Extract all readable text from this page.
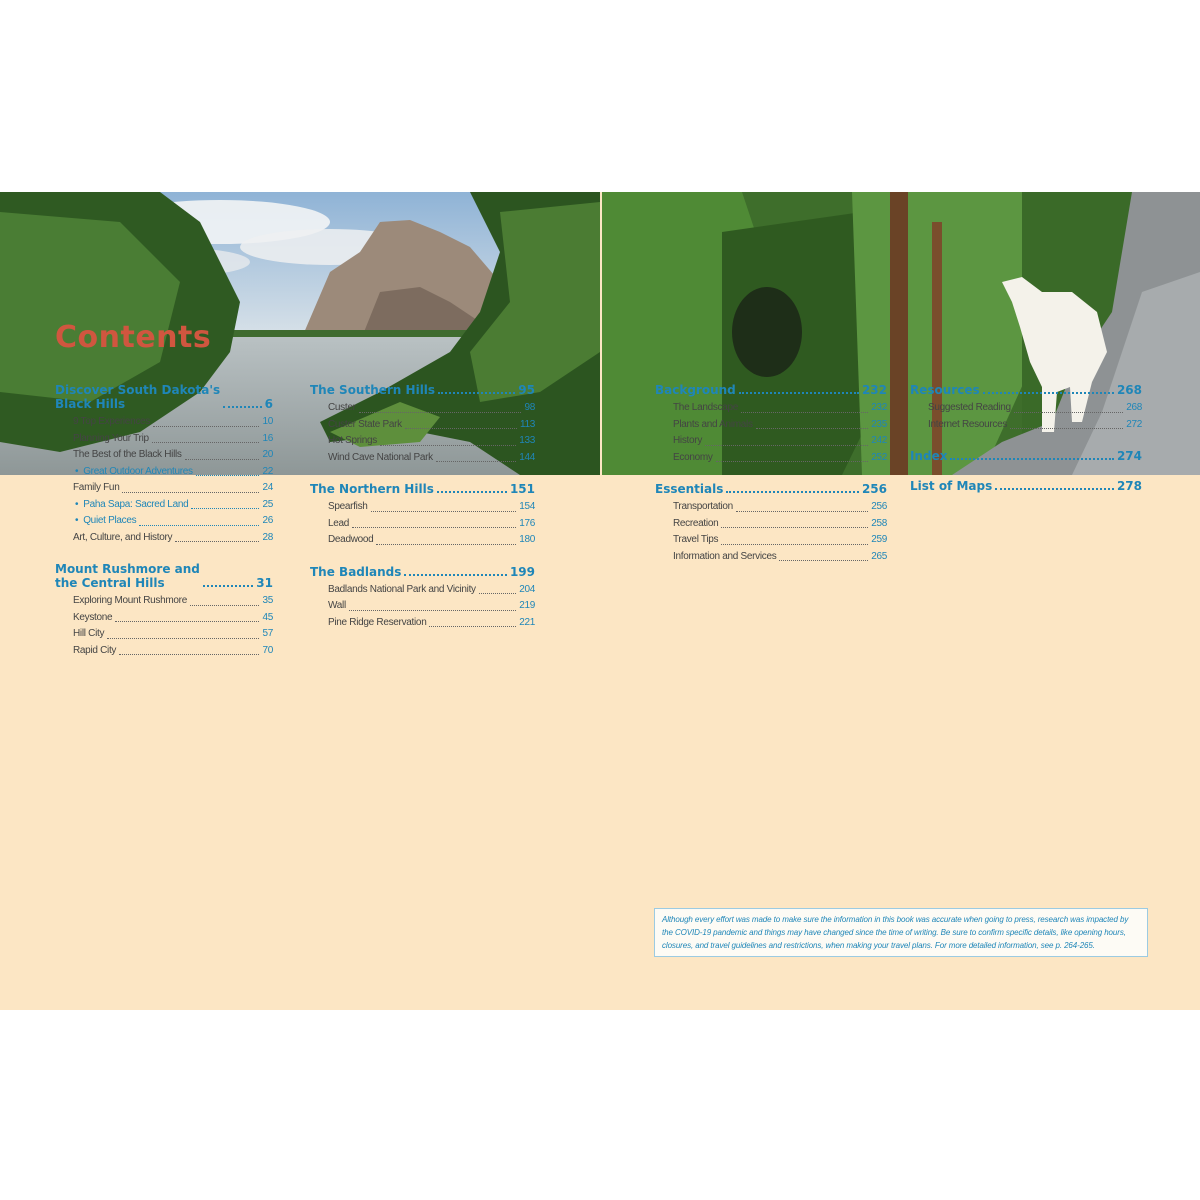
Contents
Discover South Dakota's
Black Hills	6
9 Top Experiences	10
Planning Your Trip	16
The Best of the Black Hills	20
• Great Outdoor Adventures	22
Family Fun	24
• Paha Sapa: Sacred Land	25
• Quiet Places	26
Art, Culture, and History	28
Mount Rushmore and
the Central Hills	31
Exploring Mount Rushmore	35
Keystone	45
Hill City	57
Rapid City	70
The Southern Hills	95
Custer	98
Custer State Park	113
Hot Springs	133
Wind Cave National Park	144
The Northern Hills	151
Spearfish	154
Lead	176
Deadwood	180
The Badlands	199
Badlands National Park and Vicinity	204
Wall	219
Pine Ridge Reservation	221
Background	232
The Landscape	232
Plants and Animals	235
History	242
Economy	252
Essentials	256
Transportation	256
Recreation	258
Travel Tips	259
Information and Services	265
Resources	268
Suggested Reading	268
Internet Resources	272
Index	274
List of Maps	278
Although every effort was made to make sure the information in this book was accurate when going to press, research was impacted by the COVID-19 pandemic and things may have changed since the time of writing. Be sure to confirm specific details, like opening hours, closures, and travel guidelines and restrictions, when making your travel plans. For more detailed information, see p. 264-265.
